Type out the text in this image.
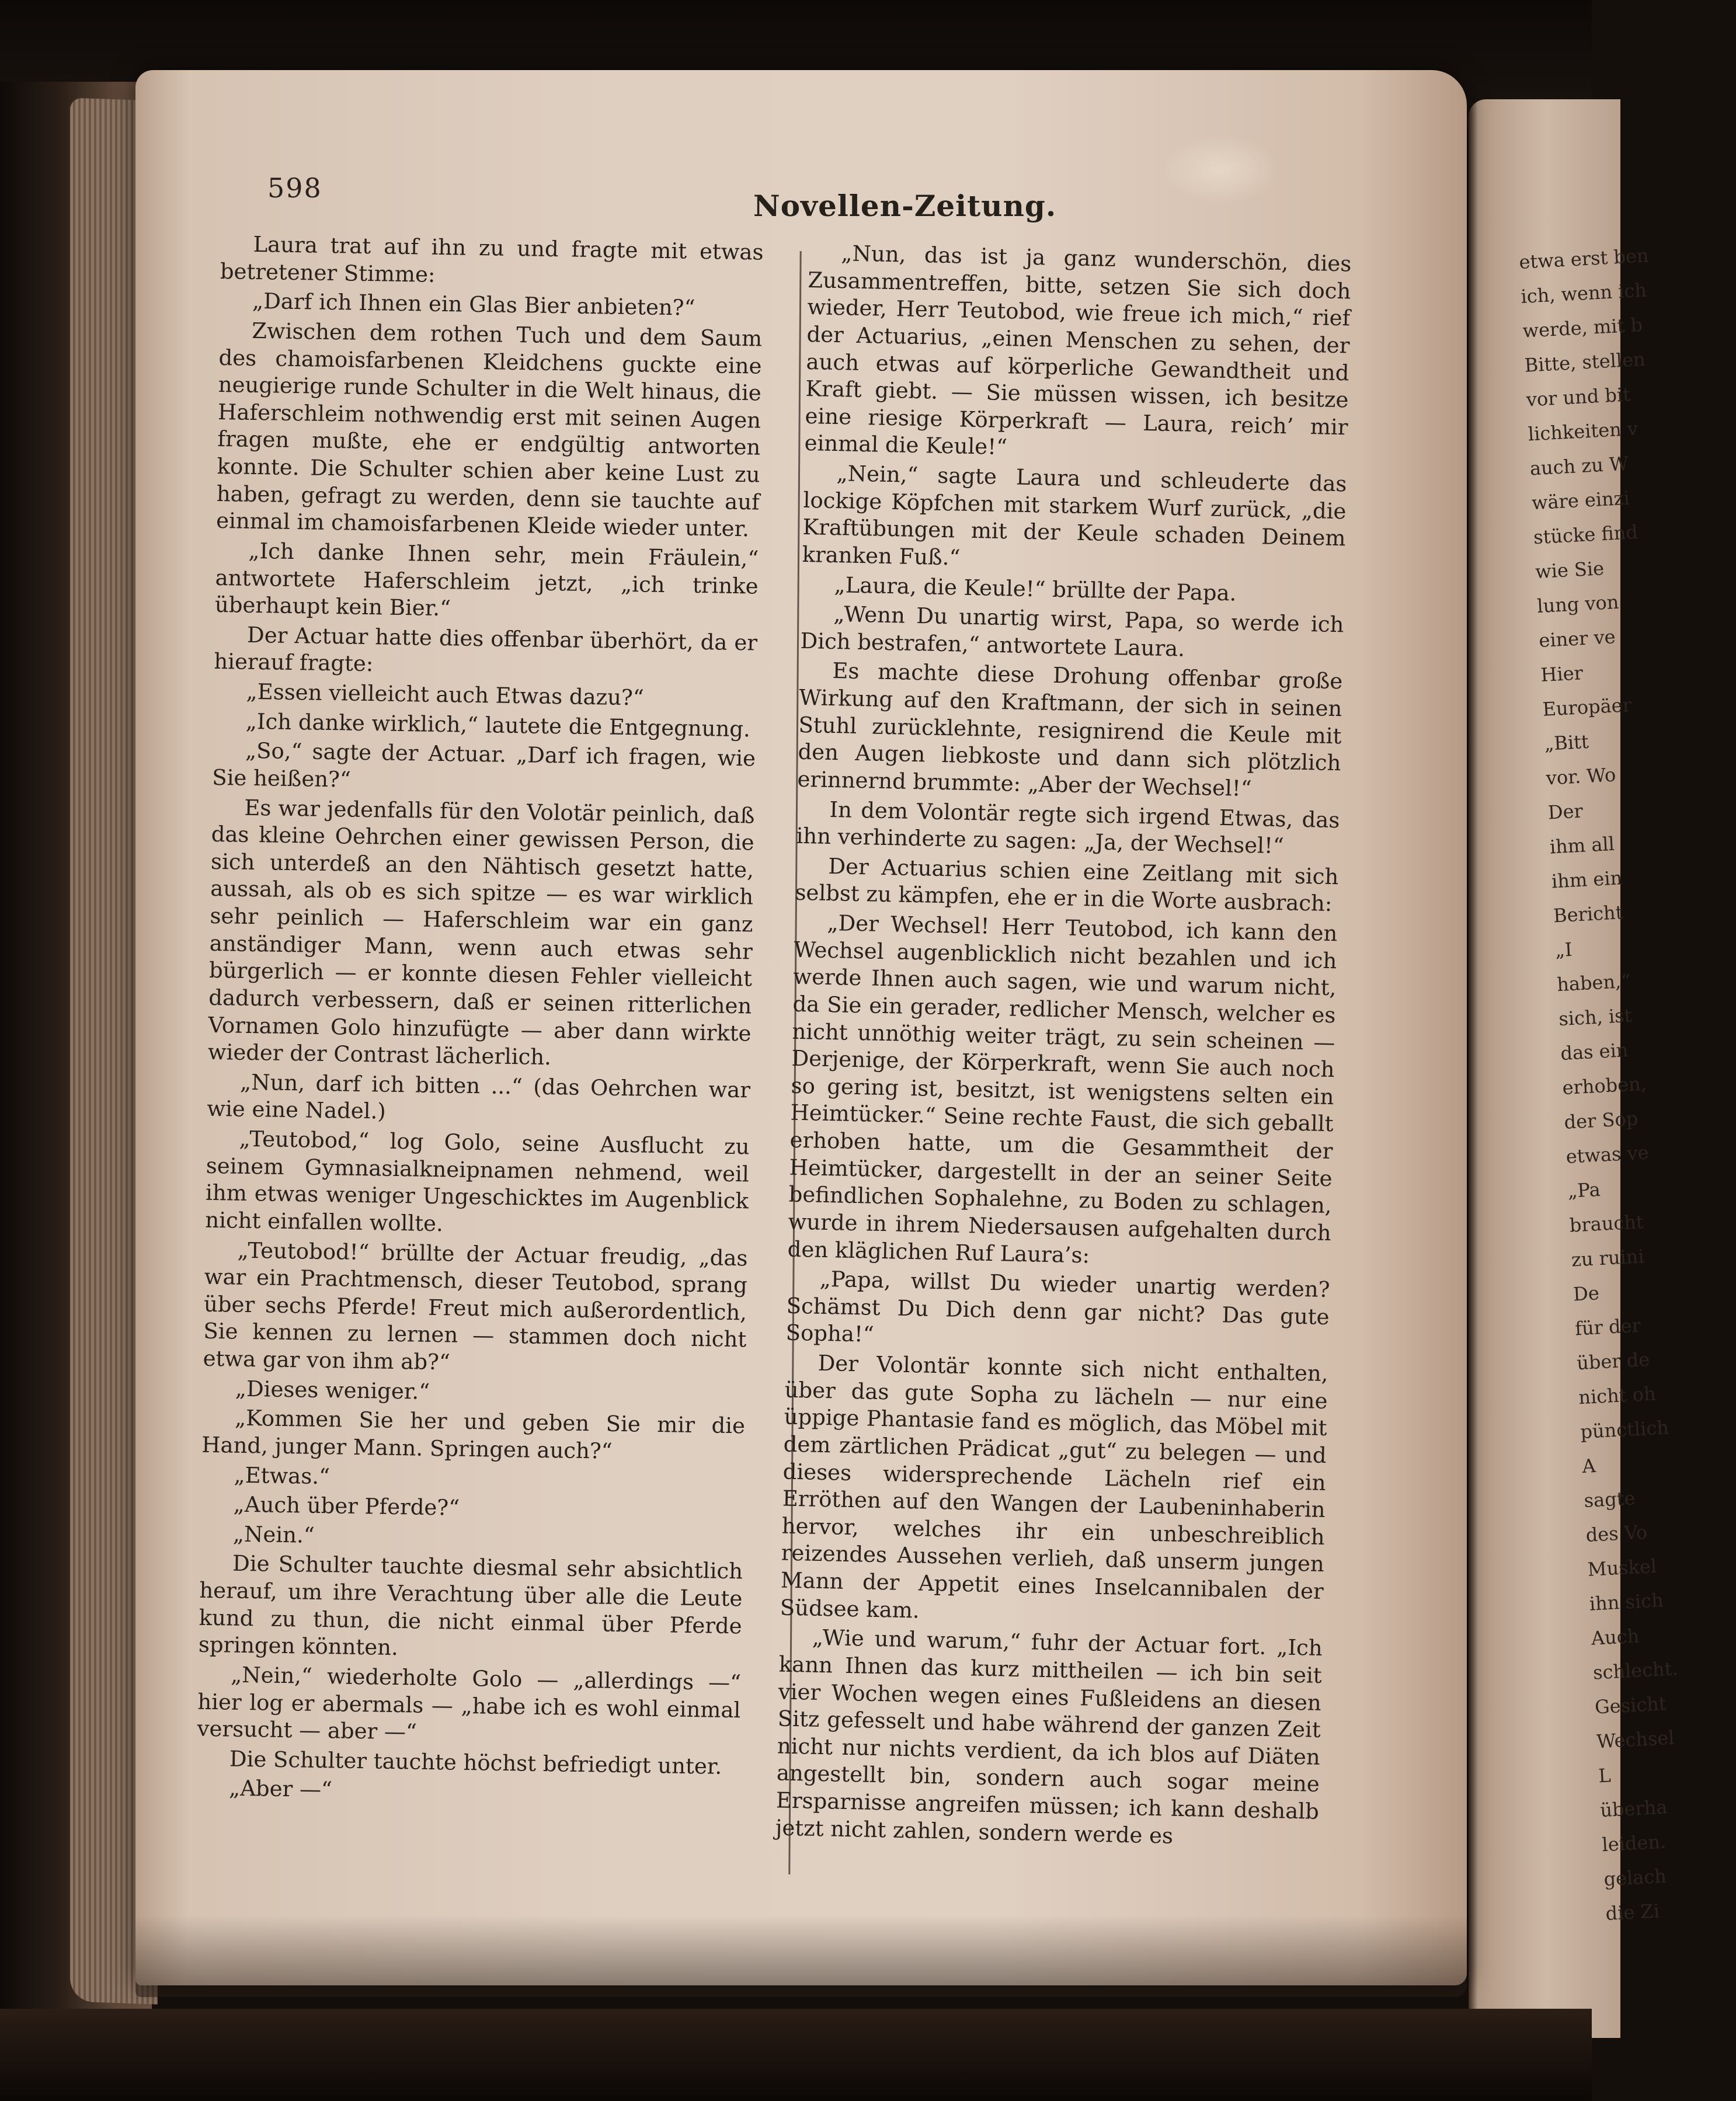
598
Novellen-Zeitung.

Laura trat auf ihn zu und fragte mit etwas betretener Stimme:

„Darf ich Ihnen ein Glas Bier anbieten?“

Zwischen dem rothen Tuch und dem Saum des chamoisfarbenen Kleidchens guckte eine neugierige runde Schulter in die Welt hinaus, die Haferschleim nothwendig erst mit seinen Augen fragen mußte, ehe er endgültig antworten konnte. Die Schulter schien aber keine Lust zu haben, gefragt zu werden, denn sie tauchte auf einmal im chamoisfarbenen Kleide wieder unter.

„Ich danke Ihnen sehr, mein Fräulein,“ antwortete Haferschleim jetzt, „ich trinke überhaupt kein Bier.“

Der Actuar hatte dies offenbar überhört, da er hierauf fragte:

„Essen vielleicht auch Etwas dazu?“

„Ich danke wirklich,“ lautete die Entgegnung.

„So,“ sagte der Actuar. „Darf ich fragen, wie Sie heißen?“

Es war jedenfalls für den Volotär peinlich, daß das kleine Oehrchen einer gewissen Person, die sich unterdeß an den Nähtisch gesetzt hatte, aussah, als ob es sich spitze — es war wirklich sehr peinlich — Haferschleim war ein ganz anständiger Mann, wenn auch etwas sehr bürgerlich — er konnte diesen Fehler vielleicht dadurch verbessern, daß er seinen ritterlichen Vornamen Golo hinzufügte — aber dann wirkte wieder der Contrast lächerlich.

„Nun, darf ich bitten ...“ (das Oehrchen war wie eine Nadel.)

„Teutobod,“ log Golo, seine Ausflucht zu seinem Gymnasialkneipnamen nehmend, weil ihm etwas weniger Ungeschicktes im Augenblick nicht einfallen wollte.

„Teutobod!“ brüllte der Actuar freudig, „das war ein Prachtmensch, dieser Teutobod, sprang über sechs Pferde! Freut mich außerordentlich, Sie kennen zu lernen — stammen doch nicht etwa gar von ihm ab?“

„Dieses weniger.“

„Kommen Sie her und geben Sie mir die Hand, junger Mann. Springen auch?“

„Etwas.“

„Auch über Pferde?“

„Nein.“

Die Schulter tauchte diesmal sehr absichtlich herauf, um ihre Verachtung über alle die Leute kund zu thun, die nicht einmal über Pferde springen könnten.

„Nein,“ wiederholte Golo — „allerdings —“ hier log er abermals — „habe ich es wohl einmal versucht — aber —“

Die Schulter tauchte höchst befriedigt unter.

„Aber —“

„Nun, das ist ja ganz wunderschön, dies Zusammentreffen, bitte, setzen Sie sich doch wieder, Herr Teutobod, wie freue ich mich,“ rief der Actuarius, „einen Menschen zu sehen, der auch etwas auf körperliche Gewandtheit und Kraft giebt. — Sie müssen wissen, ich besitze eine riesige Körperkraft — Laura, reich’ mir einmal die Keule!“

„Nein,“ sagte Laura und schleuderte das lockige Köpfchen mit starkem Wurf zurück, „die Kraftübungen mit der Keule schaden Deinem kranken Fuß.“

„Laura, die Keule!“ brüllte der Papa.

„Wenn Du unartig wirst, Papa, so werde ich Dich bestrafen,“ antwortete Laura.

Es machte diese Drohung offenbar große Wirkung auf den Kraftmann, der sich in seinen Stuhl zurücklehnte, resignirend die Keule mit den Augen liebkoste und dann sich plötzlich erinnernd brummte: „Aber der Wechsel!“

In dem Volontär regte sich irgend Etwas, das ihn verhinderte zu sagen: „Ja, der Wechsel!“

Der Actuarius schien eine Zeitlang mit sich selbst zu kämpfen, ehe er in die Worte ausbrach:

„Der Wechsel! Herr Teutobod, ich kann den Wechsel augenblicklich nicht bezahlen und ich werde Ihnen auch sagen, wie und warum nicht, da Sie ein gerader, redlicher Mensch, welcher es nicht unnöthig weiter trägt, zu sein scheinen — Derjenige, der Körperkraft, wenn Sie auch noch so gering ist, besitzt, ist wenigstens selten ein Heimtücker.“ Seine rechte Faust, die sich geballt erhoben hatte, um die Gesammtheit der Heimtücker, dargestellt in der an seiner Seite befindlichen Sophalehne, zu Boden zu schlagen, wurde in ihrem Niedersausen aufgehalten durch den kläglichen Ruf Laura’s:

„Papa, willst Du wieder unartig werden? Schämst Du Dich denn gar nicht? Das gute Sopha!“

Der Volontär konnte sich nicht enthalten, über das gute Sopha zu lächeln — nur eine üppige Phantasie fand es möglich, das Möbel mit dem zärtlichen Prädicat „gut“ zu belegen — und dieses widersprechende Lächeln rief ein Erröthen auf den Wangen der Laubeninhaberin hervor, welches ihr ein unbeschreiblich reizendes Aussehen verlieh, daß unserm jungen Mann der Appetit eines Inselcannibalen der Südsee kam.

„Wie und warum,“ fuhr der Actuar fort. „Ich kann Ihnen das kurz mittheilen — ich bin seit vier Wochen wegen eines Fußleidens an diesen Sitz gefesselt und habe während der ganzen Zeit nicht nur nichts verdient, da ich blos auf Diäten angestellt bin, sondern auch sogar meine Ersparnisse angreifen müssen; ich kann deshalb jetzt nicht zahlen, sondern werde es

etwa erst ben
ich, wenn ich
werde, mit b
Bitte, stellen
vor und bit
lichkeiten v
auch zu W
wäre einzi
stücke find
wie Sie
lung von
einer ve
Hier
Europäer
„Bitt
vor. Wo
Der
ihm all
ihm ein
Bericht
„I
haben,“
sich, ist
das ein
erhoben,
der Sop
etwas ve
„Pa
braucht
zu ruini
De
für der
über de
nicht oh
pünctlich
A
sagte
des Vo
Muskel
ihn sich
Auch
schlecht.
Gesicht
Wechsel
L
überha
leiden.
gelach
die Zi
